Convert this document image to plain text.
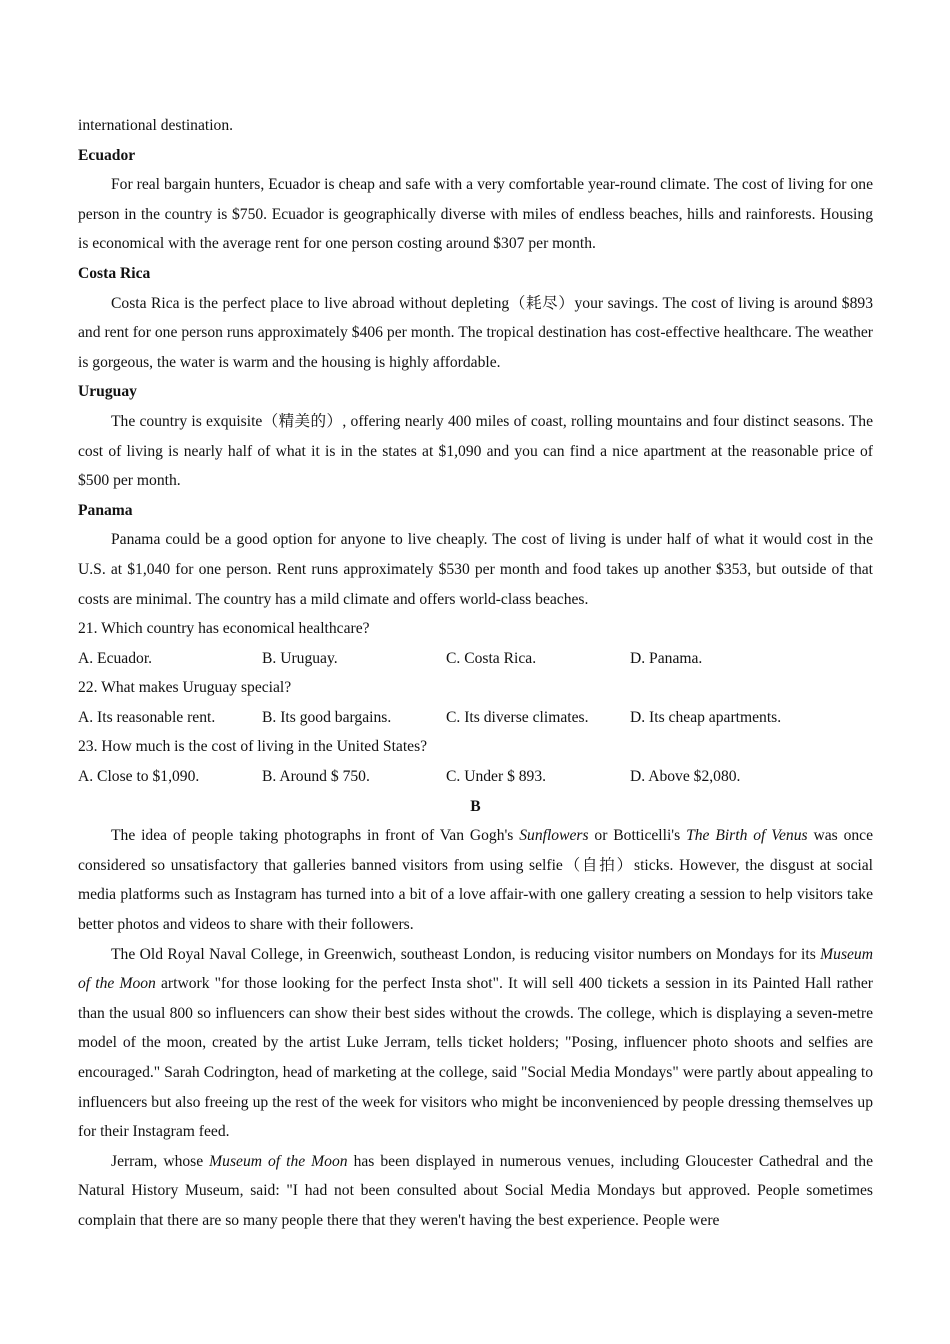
international destination.

Ecuador

For real bargain hunters, Ecuador is cheap and safe with a very comfortable year-round climate. The cost of living for one person in the country is $750. Ecuador is geographically diverse with miles of endless beaches, hills and rainforests. Housing is economical with the average rent for one person costing around $307 per month.

Costa Rica

Costa Rica is the perfect place to live abroad without depleting（耗尽）your savings. The cost of living is around $893 and rent for one person runs approximately $406 per month. The tropical destination has cost-effective healthcare. The weather is gorgeous, the water is warm and the housing is highly affordable.

Uruguay

The country is exquisite（精美的）, offering nearly 400 miles of coast, rolling mountains and four distinct seasons. The cost of living is nearly half of what it is in the states at $1,090 and you can find a nice apartment at the reasonable price of $500 per month.

Panama

Panama could be a good option for anyone to live cheaply. The cost of living is under half of what it would cost in the U.S. at $1,040 for one person. Rent runs approximately $530 per month and food takes up another $353, but outside of that costs are minimal. The country has a mild climate and offers world-class beaches.

21. Which country has economical healthcare?

A. Ecuador.	B. Uruguay.	C. Costa Rica.	D. Panama.

22. What makes Uruguay special?

A. Its reasonable rent.	B. Its good bargains.	C. Its diverse climates.	D. Its cheap apartments.

23. How much is the cost of living in the United States?

A. Close to $1,090.	B. Around $ 750.	C. Under $ 893.	D. Above $2,080.

B

The idea of people taking photographs in front of Van Gogh's Sunflowers or Botticelli's The Birth of Venus was once considered so unsatisfactory that galleries banned visitors from using selfie（自拍）sticks. However, the disgust at social media platforms such as Instagram has turned into a bit of a love affair-with one gallery creating a session to help visitors take better photos and videos to share with their followers.

The Old Royal Naval College, in Greenwich, southeast London, is reducing visitor numbers on Mondays for its Museum of the Moon artwork "for those looking for the perfect Insta shot". It will sell 400 tickets a session in its Painted Hall rather than the usual 800 so influencers can show their best sides without the crowds. The college, which is displaying a seven-metre model of the moon, created by the artist Luke Jerram, tells ticket holders; "Posing, influencer photo shoots and selfies are encouraged." Sarah Codrington, head of marketing at the college, said "Social Media Mondays" were partly about appealing to influencers but also freeing up the rest of the week for visitors who might be inconvenienced by people dressing themselves up for their Instagram feed.

Jerram, whose Museum of the Moon has been displayed in numerous venues, including Gloucester Cathedral and the Natural History Museum, said: "I had not been consulted about Social Media Mondays but approved. People sometimes complain that there are so many people there that they weren't having the best experience. People were
